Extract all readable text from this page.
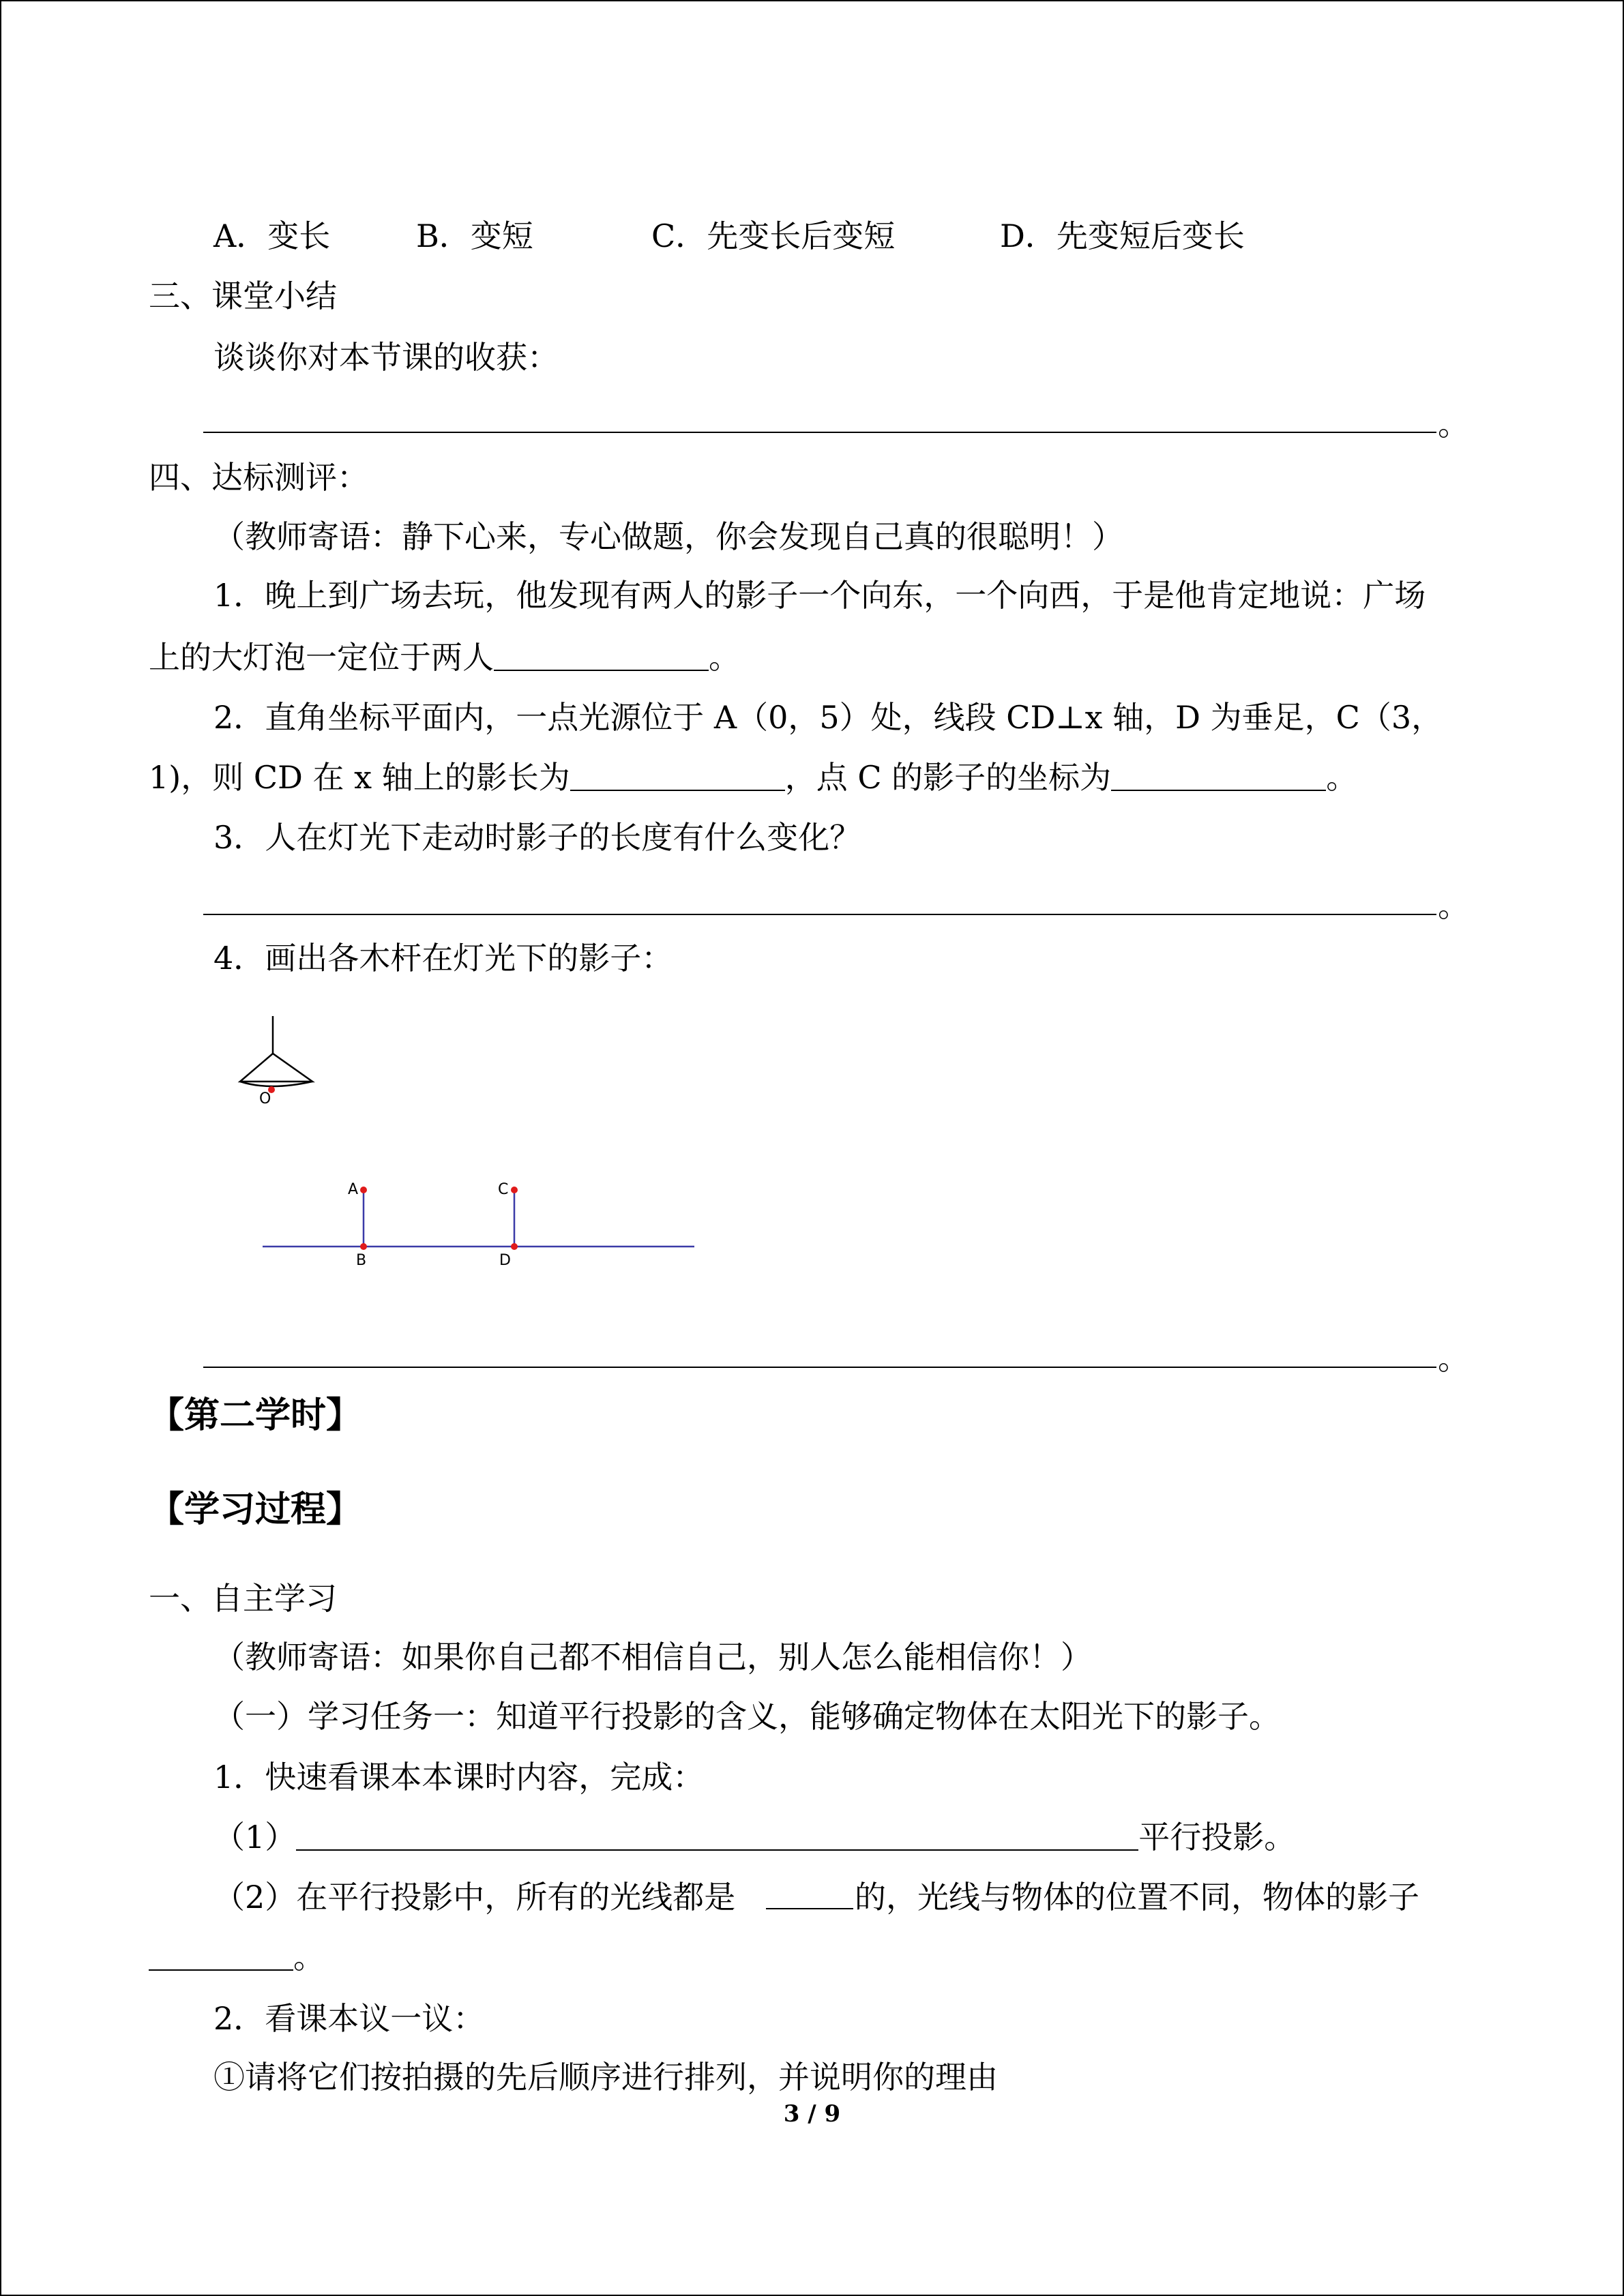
A．变长	B．变短	C．先变长后变短	D．先变短后变长
三、课堂小结
谈谈你对本节课的收获：
。
四、达标测评：
（教师寄语：静下心来，专心做题，你会发现自己真的很聪明！）
1．晚上到广场去玩，他发现有两人的影子一个向东，一个向西，于是他肯定地说：广场
上的大灯泡一定位于两人	。
2．直角坐标平面内，一点光源位于 A（0，5）处，线段 CD⊥x 轴，D 为垂足，C（3，
1)，则 CD 在 x 轴上的影长为	，点 C 的影子的坐标为	。
3．人在灯光下走动时影子的长度有什么变化？
。
4．画出各木杆在灯光下的影子：
O
A
B
C
D
。
【第二学时】
【学习过程】
一、自主学习
（教师寄语：如果你自己都不相信自己，别人怎么能相信你！）
（一）学习任务一：知道平行投影的含义，能够确定物体在太阳光下的影子。
1．快速看课本本课时内容，完成：
（1）	平行投影。
（2）在平行投影中，所有的光线都是	的，光线与物体的位置不同，物体的影子
。
2．看课本议一议：
①请将它们按拍摄的先后顺序进行排列，并说明你的理由
3 / 9
